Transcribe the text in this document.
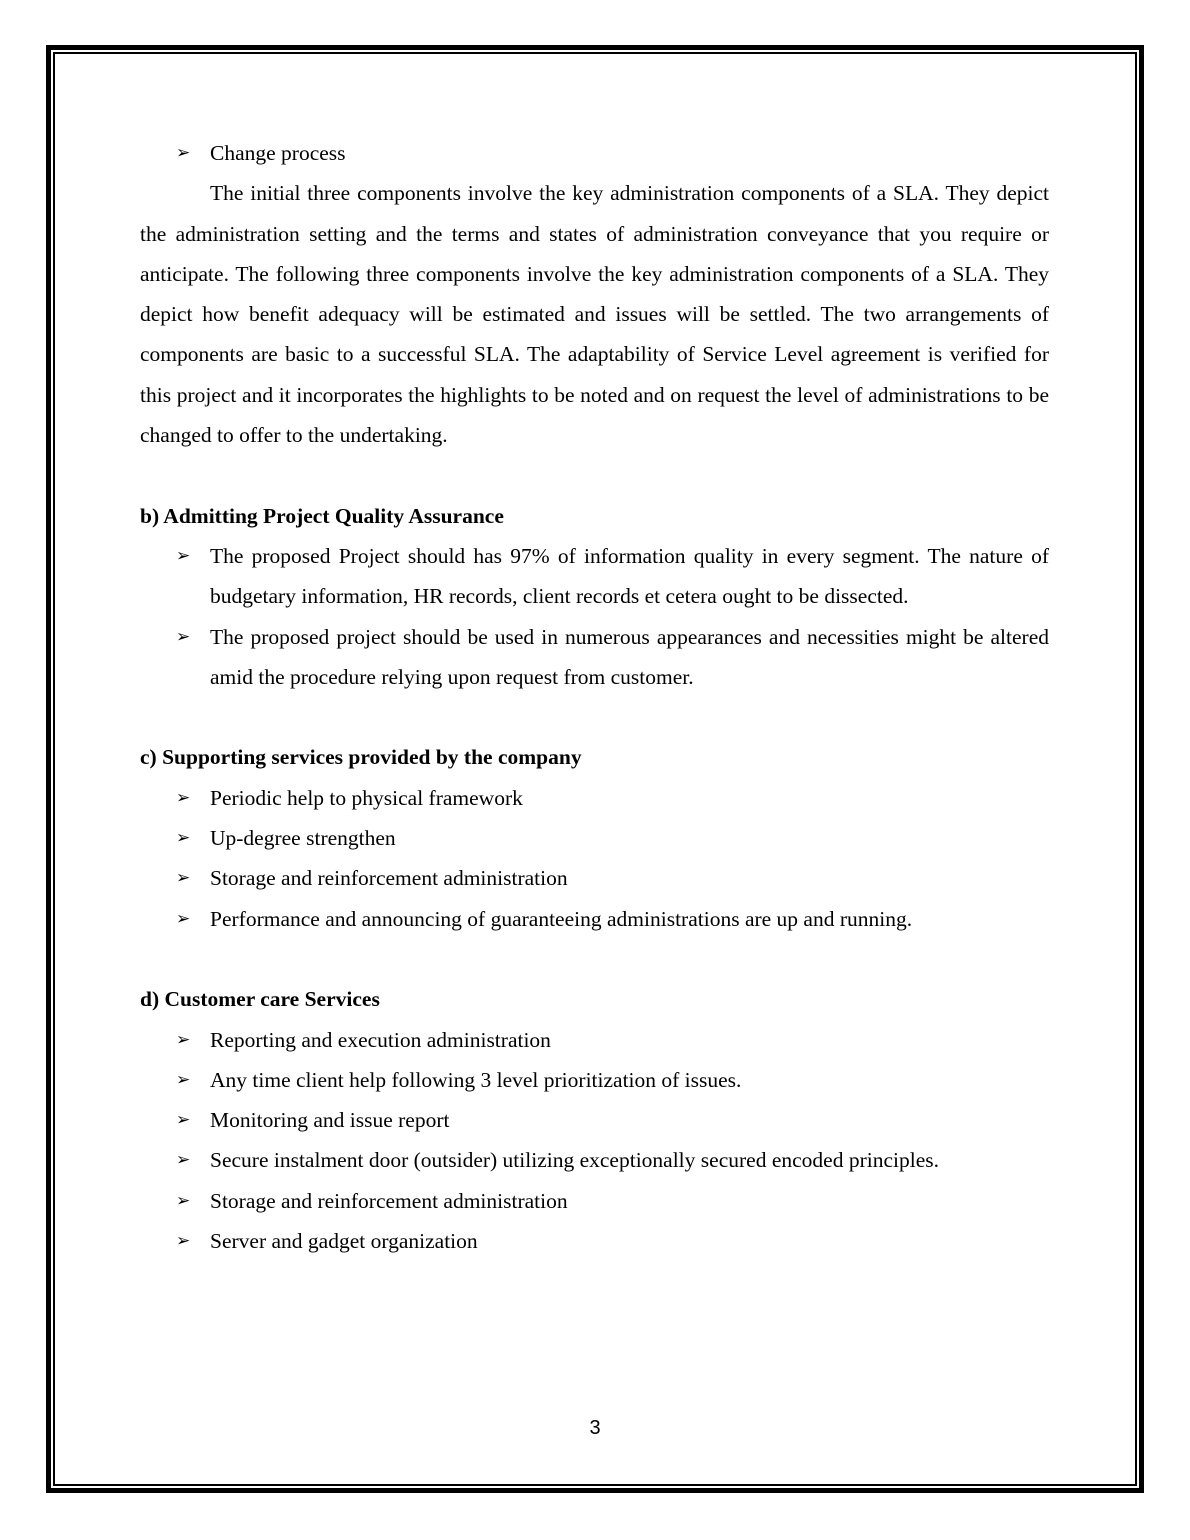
➢ Change process

The initial three components involve the key administration components of a SLA. They depict the administration setting and the terms and states of administration conveyance that you require or anticipate. The following three components involve the key administration components of a SLA. They depict how benefit adequacy will be estimated and issues will be settled. The two arrangements of components are basic to a successful SLA. The adaptability of Service Level agreement is verified for this project and it incorporates the highlights to be noted and on request the level of administrations to be changed to offer to the undertaking.

b) Admitting Project Quality Assurance
➢ The proposed Project should has 97% of information quality in every segment. The nature of budgetary information, HR records, client records et cetera ought to be dissected.
➢ The proposed project should be used in numerous appearances and necessities might be altered amid the procedure relying upon request from customer.
c) Supporting services provided by the company
➢ Periodic help to physical framework
➢ Up-degree strengthen
➢ Storage and reinforcement administration
➢ Performance and announcing of guaranteeing administrations are up and running.
d) Customer care Services
➢ Reporting and execution administration
➢ Any time client help following 3 level prioritization of issues.
➢ Monitoring and issue report
➢ Secure instalment door (outsider) utilizing exceptionally secured encoded principles.
➢ Storage and reinforcement administration
➢ Server and gadget organization
3
